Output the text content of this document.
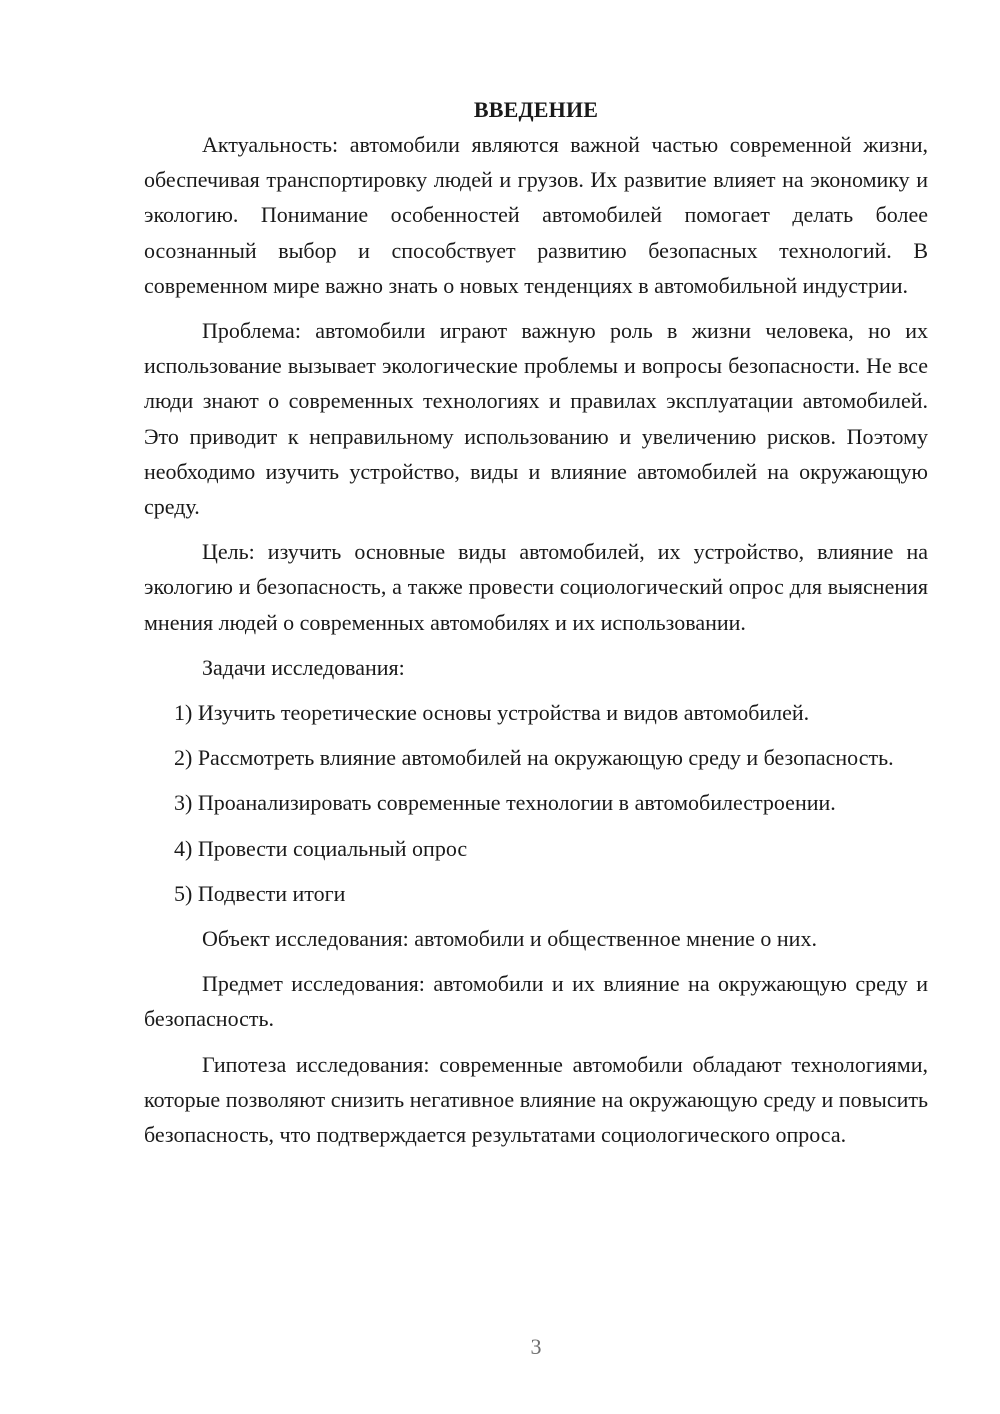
ВВЕДЕНИЕ

Актуальность: автомобили являются важной частью современной жизни, обеспечивая транспортировку людей и грузов. Их развитие влияет на экономику и экологию. Понимание особенностей автомобилей помогает делать более осознанный выбор и способствует развитию безопасных технологий. В современном мире важно знать о новых тенденциях в автомобильной индустрии.

Проблема: автомобили играют важную роль в жизни человека, но их использование вызывает экологические проблемы и вопросы безопасности. Не все люди знают о современных технологиях и правилах эксплуатации автомобилей. Это приводит к неправильному использованию и увеличению рисков. Поэтому необходимо изучить устройство, виды и влияние автомобилей на окружающую среду.

Цель: изучить основные виды автомобилей, их устройство, влияние на экологию и безопасность, а также провести социологический опрос для выяснения мнения людей о современных автомобилях и их использовании.

Задачи исследования:

1) Изучить теоретические основы устройства и видов автомобилей.

2) Рассмотреть влияние автомобилей на окружающую среду и безопасность.

3) Проанализировать современные технологии в автомобилестроении.

4) Провести социальный опрос

5) Подвести итоги

Объект исследования: автомобили и общественное мнение о них.

Предмет исследования: автомобили и их влияние на окружающую среду и безопасность.

Гипотеза исследования: современные автомобили обладают технологиями, которые позволяют снизить негативное влияние на окружающую среду и повысить безопасность, что подтверждается результатами социологического опроса.

3
